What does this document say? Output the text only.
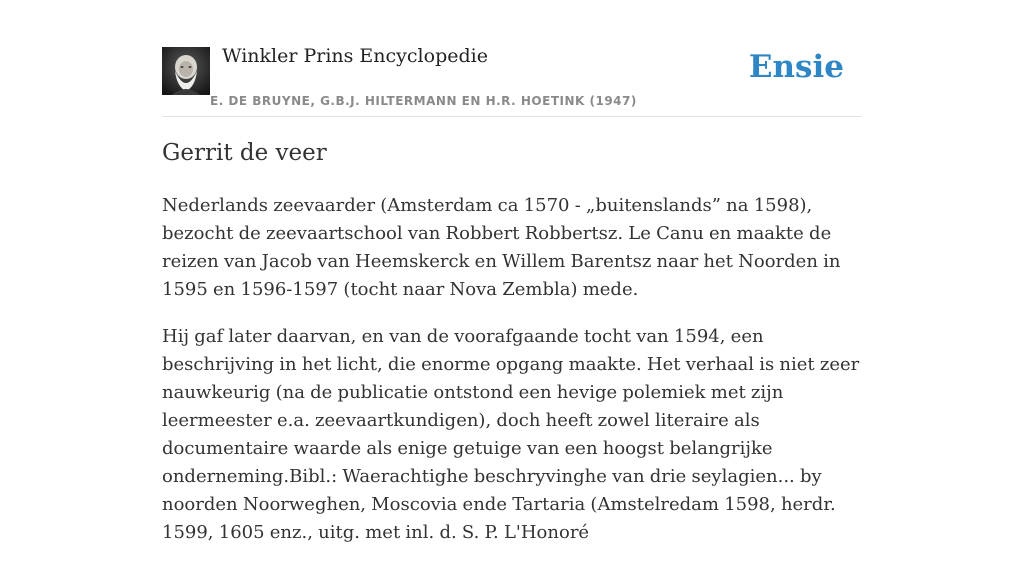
Winkler Prins Encyclopedie
E. DE BRUYNE, G.B.J. HILTERMANN EN H.R. HOETINK (1947)
Ensie
Gerrit de veer

Nederlands zeevaarder (Amsterdam ca 1570 - „buitenslands” na 1598), bezocht de zeevaartschool van Robbert Robbertsz. Le Canu en maakte de reizen van Jacob van Heemskerck en Willem Barentsz naar het Noorden in 1595 en 1596-1597 (tocht naar Nova Zembla) mede.

Hij gaf later daarvan, en van de voorafgaande tocht van 1594, een beschrijving in het licht, die enorme opgang maakte. Het verhaal is niet zeer nauwkeurig (na de publicatie ontstond een hevige polemiek met zijn leermeester e.a. zeevaartkundigen), doch heeft zowel literaire als documentaire waarde als enige getuige van een hoogst belangrijke onderneming.Bibl.: Waerachtighe beschryvinghe van drie seylagien... by noorden Noorweghen, Moscovia ende Tartaria (Amstelredam 1598, herdr. 1599, 1605 enz., uitg. met inl. d. S. P. L'Honoré
